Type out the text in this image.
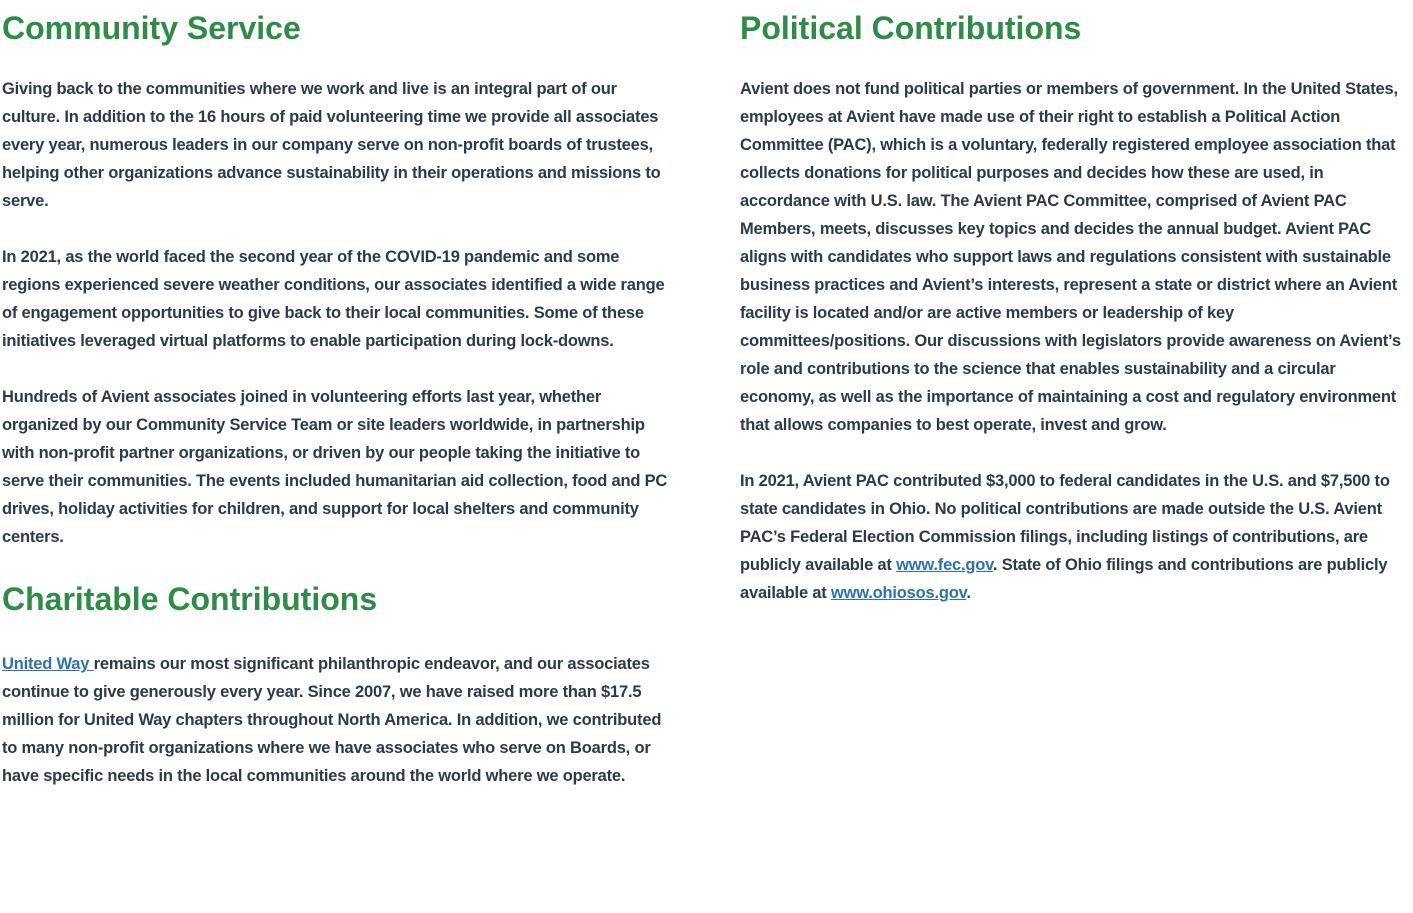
Community Service

Giving back to the communities where we work and live is an integral part of our culture. In addition to the 16 hours of paid volunteering time we provide all associates every year, numerous leaders in our company serve on non-profit boards of trustees, helping other organizations advance sustainability in their operations and missions to serve.

In 2021, as the world faced the second year of the COVID-19 pandemic and some regions experienced severe weather conditions, our associates identified a wide range of engagement opportunities to give back to their local communities. Some of these initiatives leveraged virtual platforms to enable participation during lock-downs.

Hundreds of Avient associates joined in volunteering efforts last year, whether organized by our Community Service Team or site leaders worldwide, in partnership with non-profit partner organizations, or driven by our people taking the initiative to serve their communities. The events included humanitarian aid collection, food and PC drives, holiday activities for children, and support for local shelters and community centers.

Charitable Contributions

United Way remains our most significant philanthropic endeavor, and our associates continue to give generously every year. Since 2007, we have raised more than $17.5 million for United Way chapters throughout North America. In addition, we contributed to many non-profit organizations where we have associates who serve on Boards, or have specific needs in the local communities around the world where we operate.

Political Contributions

Avient does not fund political parties or members of government. In the United States, employees at Avient have made use of their right to establish a Political Action Committee (PAC), which is a voluntary, federally registered employee association that collects donations for political purposes and decides how these are used, in accordance with U.S. law. The Avient PAC Committee, comprised of Avient PAC Members, meets, discusses key topics and decides the annual budget. Avient PAC aligns with candidates who support laws and regulations consistent with sustainable business practices and Avient’s interests, represent a state or district where an Avient facility is located and/or are active members or leadership of key committees/positions. Our discussions with legislators provide awareness on Avient’s role and contributions to the science that enables sustainability and a circular economy, as well as the importance of maintaining a cost and regulatory environment that allows companies to best operate, invest and grow.

In 2021, Avient PAC contributed $3,000 to federal candidates in the U.S. and $7,500 to state candidates in Ohio. No political contributions are made outside the U.S. Avient PAC’s Federal Election Commission filings, including listings of contributions, are publicly available at www.fec.gov. State of Ohio filings and contributions are publicly available at www.ohiosos.gov.
